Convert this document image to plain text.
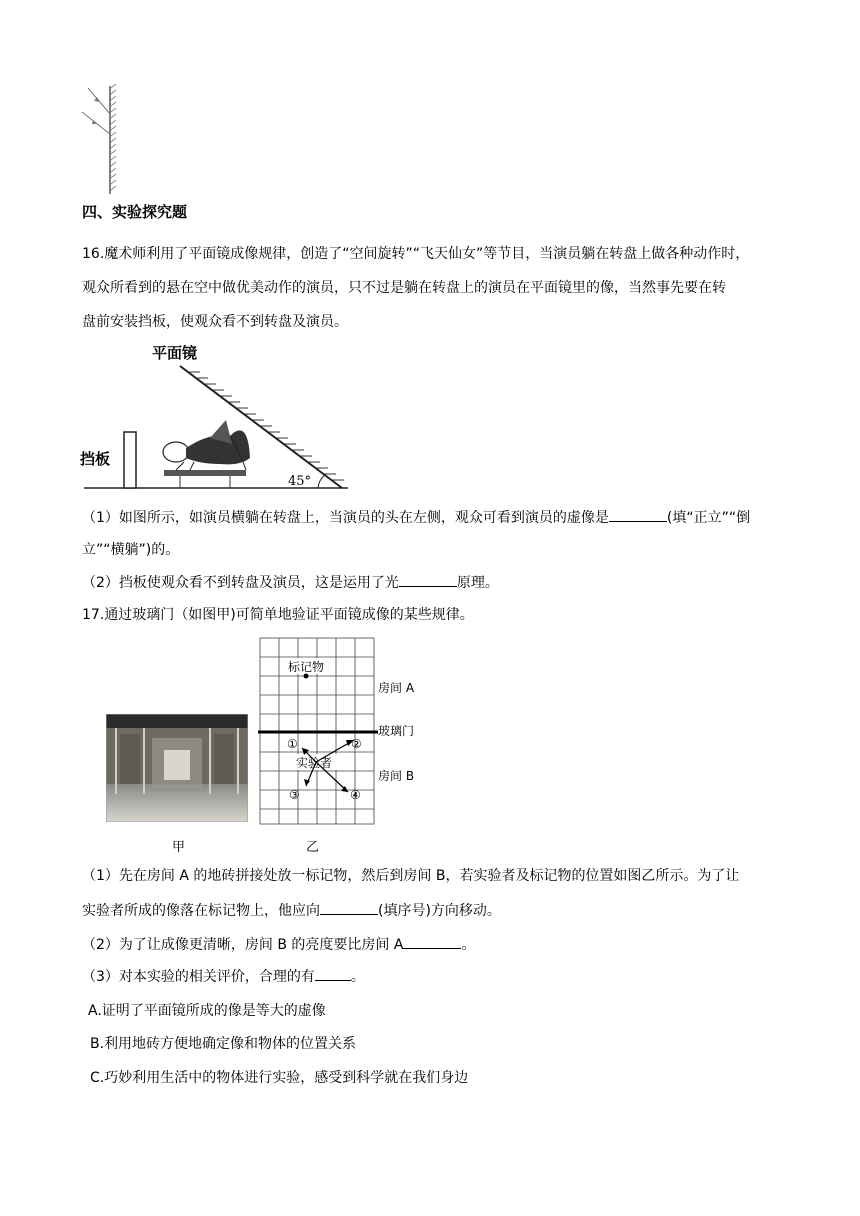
四、实验探究题
16.魔术师利用了平面镜成像规律，创造了“空间旋转”“飞天仙女”等节目，当演员躺在转盘上做各种动作时，
观众所看到的悬在空中做优美动作的演员，只不过是躺在转盘上的演员在平面镜里的像，当然事先要在转
盘前安装挡板，使观众看不到转盘及演员。
平面镜
挡板
45°
（1）如图所示，如演员横躺在转盘上，当演员的头在左侧，观众可看到演员的虚像是	(填“正立”“倒
立”“横躺”)的。
（2）挡板使观众看不到转盘及演员，这是运用了光	原理。
17.通过玻璃门（如图甲)可简单地验证平面镜成像的某些规律。
甲
标记物
实验者
①	②
③	④
房间 A
玻璃门
房间 B
乙
（1）先在房间 A 的地砖拼接处放一标记物，然后到房间 B，若实验者及标记物的位置如图乙所示。为了让
实验者所成的像落在标记物上，他应向	(填序号)方向移动。
（2）为了让成像更清晰，房间 B 的亮度要比房间 A	。
（3）对本实验的相关评价，合理的有	。
A.证明了平面镜所成的像是等大的虚像
B.利用地砖方便地确定像和物体的位置关系
C.巧妙利用生活中的物体进行实验，感受到科学就在我们身边
